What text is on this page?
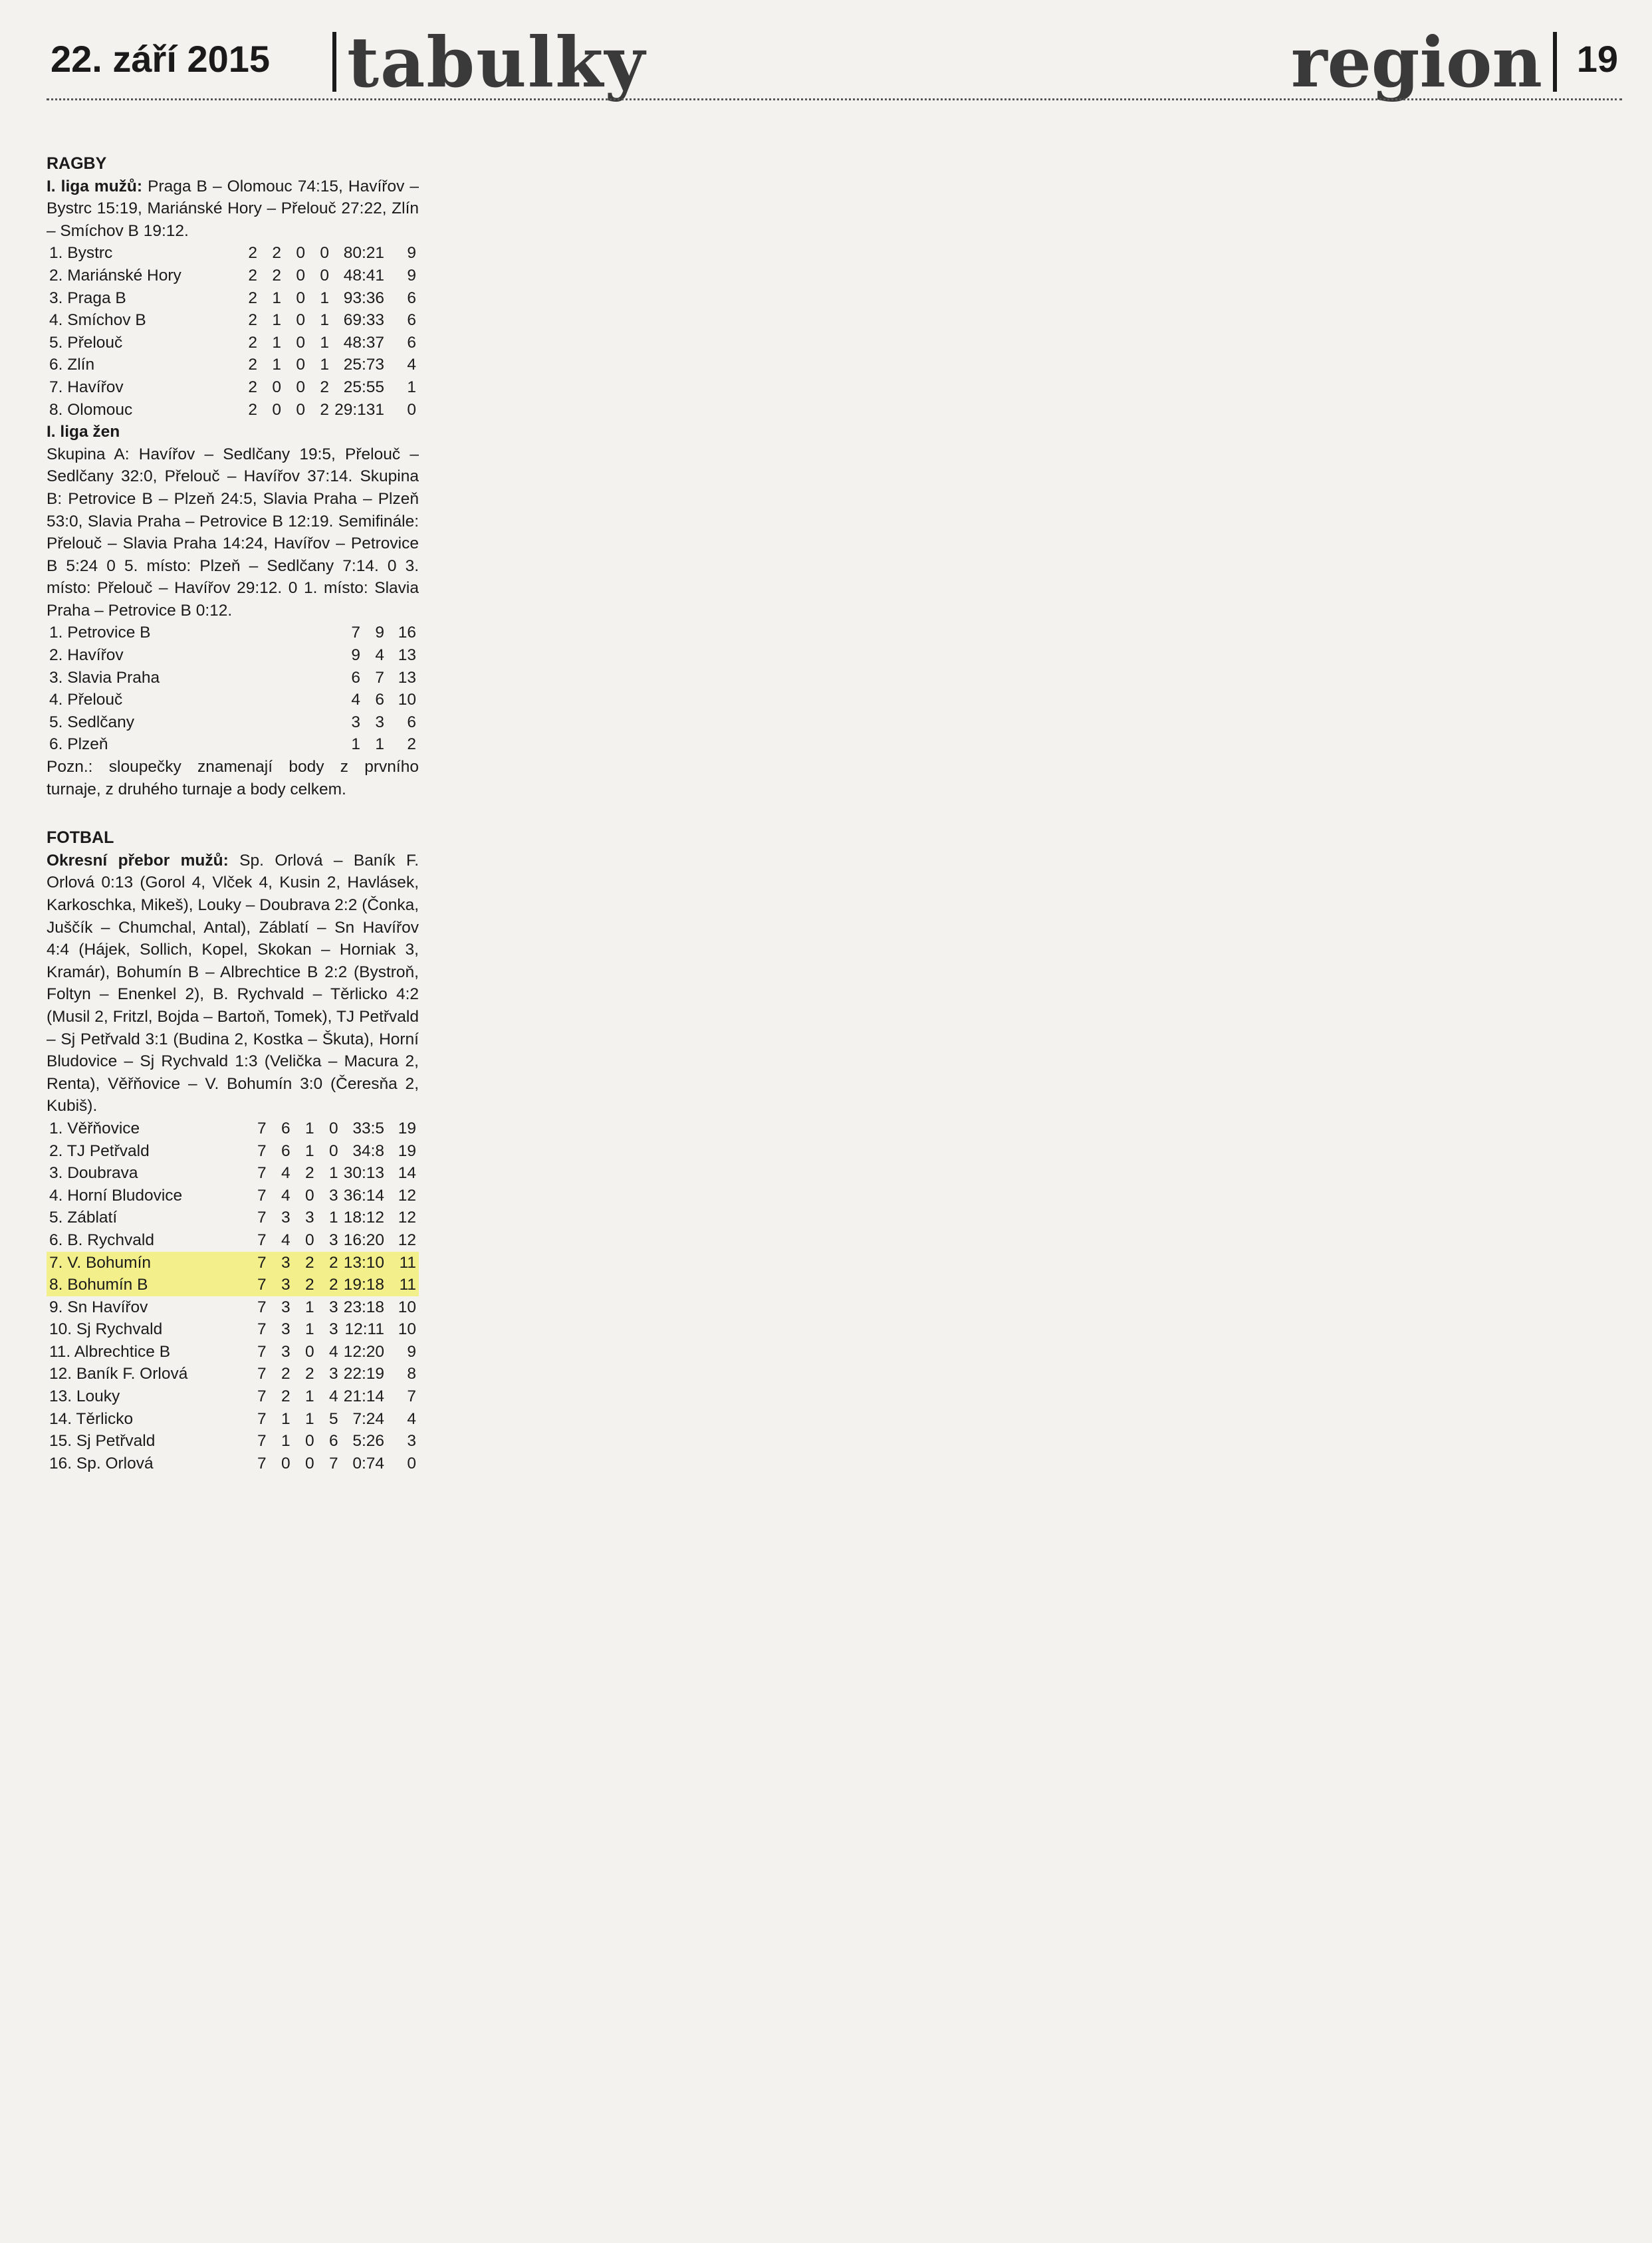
22. září 2015 tabulky	region 19
RAGBY
I. liga mužů: Praga B – Olomouc 74:15, Havířov – Bystrc 15:19, Mariánské Hory – Přelouč 27:22, Zlín – Smíchov B 19:12.
1. Bystrc	2	2	0	0	80:21	9
2. Mariánské Hory	2	2	0	0	48:41	9
3. Praga B	2	1	0	1	93:36	6
4. Smíchov B	2	1	0	1	69:33	6
5. Přelouč	2	1	0	1	48:37	6
6. Zlín	2	1	0	1	25:73	4
7. Havířov	2	0	0	2	25:55	1
8. Olomouc	2	0	0	2	29:131	0
I. liga žen
Skupina A: Havířov – Sedlčany 19:5, Přelouč – Sedlčany 32:0, Přelouč – Havířov 37:14. Skupina B: Petrovice B – Plzeň 24:5, Slavia Praha – Plzeň 53:0, Slavia Praha – Petrovice B 12:19. Semifinále: Přelouč – Slavia Praha 14:24, Havířov – Petrovice B 5:24 0 5. místo: Plzeň – Sedlčany 7:14. 0 3. místo: Přelouč – Havířov 29:12. 0 1. místo: Slavia Praha – Petrovice B 0:12.
1. Petrovice B	7	9	16
2. Havířov	9	4	13
3. Slavia Praha	6	7	13
4. Přelouč	4	6	10
5. Sedlčany	3	3	6
6. Plzeň	1	1	2
Pozn.: sloupečky znamenají body z prvního turnaje, z druhého turnaje a body celkem.
FOTBAL
Okresní přebor mužů: Sp. Orlová – Baník F. Orlová 0:13 (Gorol 4, Vlček 4, Kusin 2, Havlásek, Karkoschka, Mikeš), Louky – Doubrava 2:2 (Čonka, Juščík – Chumchal, Antal), Záblatí – Sn Havířov 4:4 (Hájek, Sollich, Kopel, Skokan – Horniak 3, Kramár), Bohumín B – Albrechtice B 2:2 (Bystroň, Foltyn – Enenkel 2), B. Rychvald – Těrlicko 4:2 (Musil 2, Fritzl, Bojda – Bartoň, Tomek), TJ Petřvald – Sj Petřvald 3:1 (Budina 2, Kostka – Škuta), Horní Bludovice – Sj Rychvald 1:3 (Velička – Macura 2, Renta), Věřňovice – V. Bohumín 3:0 (Čeresňa 2, Kubiš).
1. Věřňovice	7	6	1	0	33:5	19
2. TJ Petřvald	7	6	1	0	34:8	19
3. Doubrava	7	4	2	1	30:13	14
4. Horní Bludovice	7	4	0	3	36:14	12
5. Záblatí	7	3	3	1	18:12	12
6. B. Rychvald	7	4	0	3	16:20	12
7. V. Bohumín	7	3	2	2	13:10	11
8. Bohumín B	7	3	2	2	19:18	11
9. Sn Havířov	7	3	1	3	23:18	10
10. Sj Rychvald	7	3	1	3	12:11	10
11. Albrechtice B	7	3	0	4	12:20	9
12. Baník F. Orlová	7	2	2	3	22:19	8
13. Louky	7	2	1	4	21:14	7
14. Těrlicko	7	1	1	5	7:24	4
15. Sj Petřvald	7	1	0	6	5:26	3
16. Sp. Orlová	7	0	0	7	0:74	0
